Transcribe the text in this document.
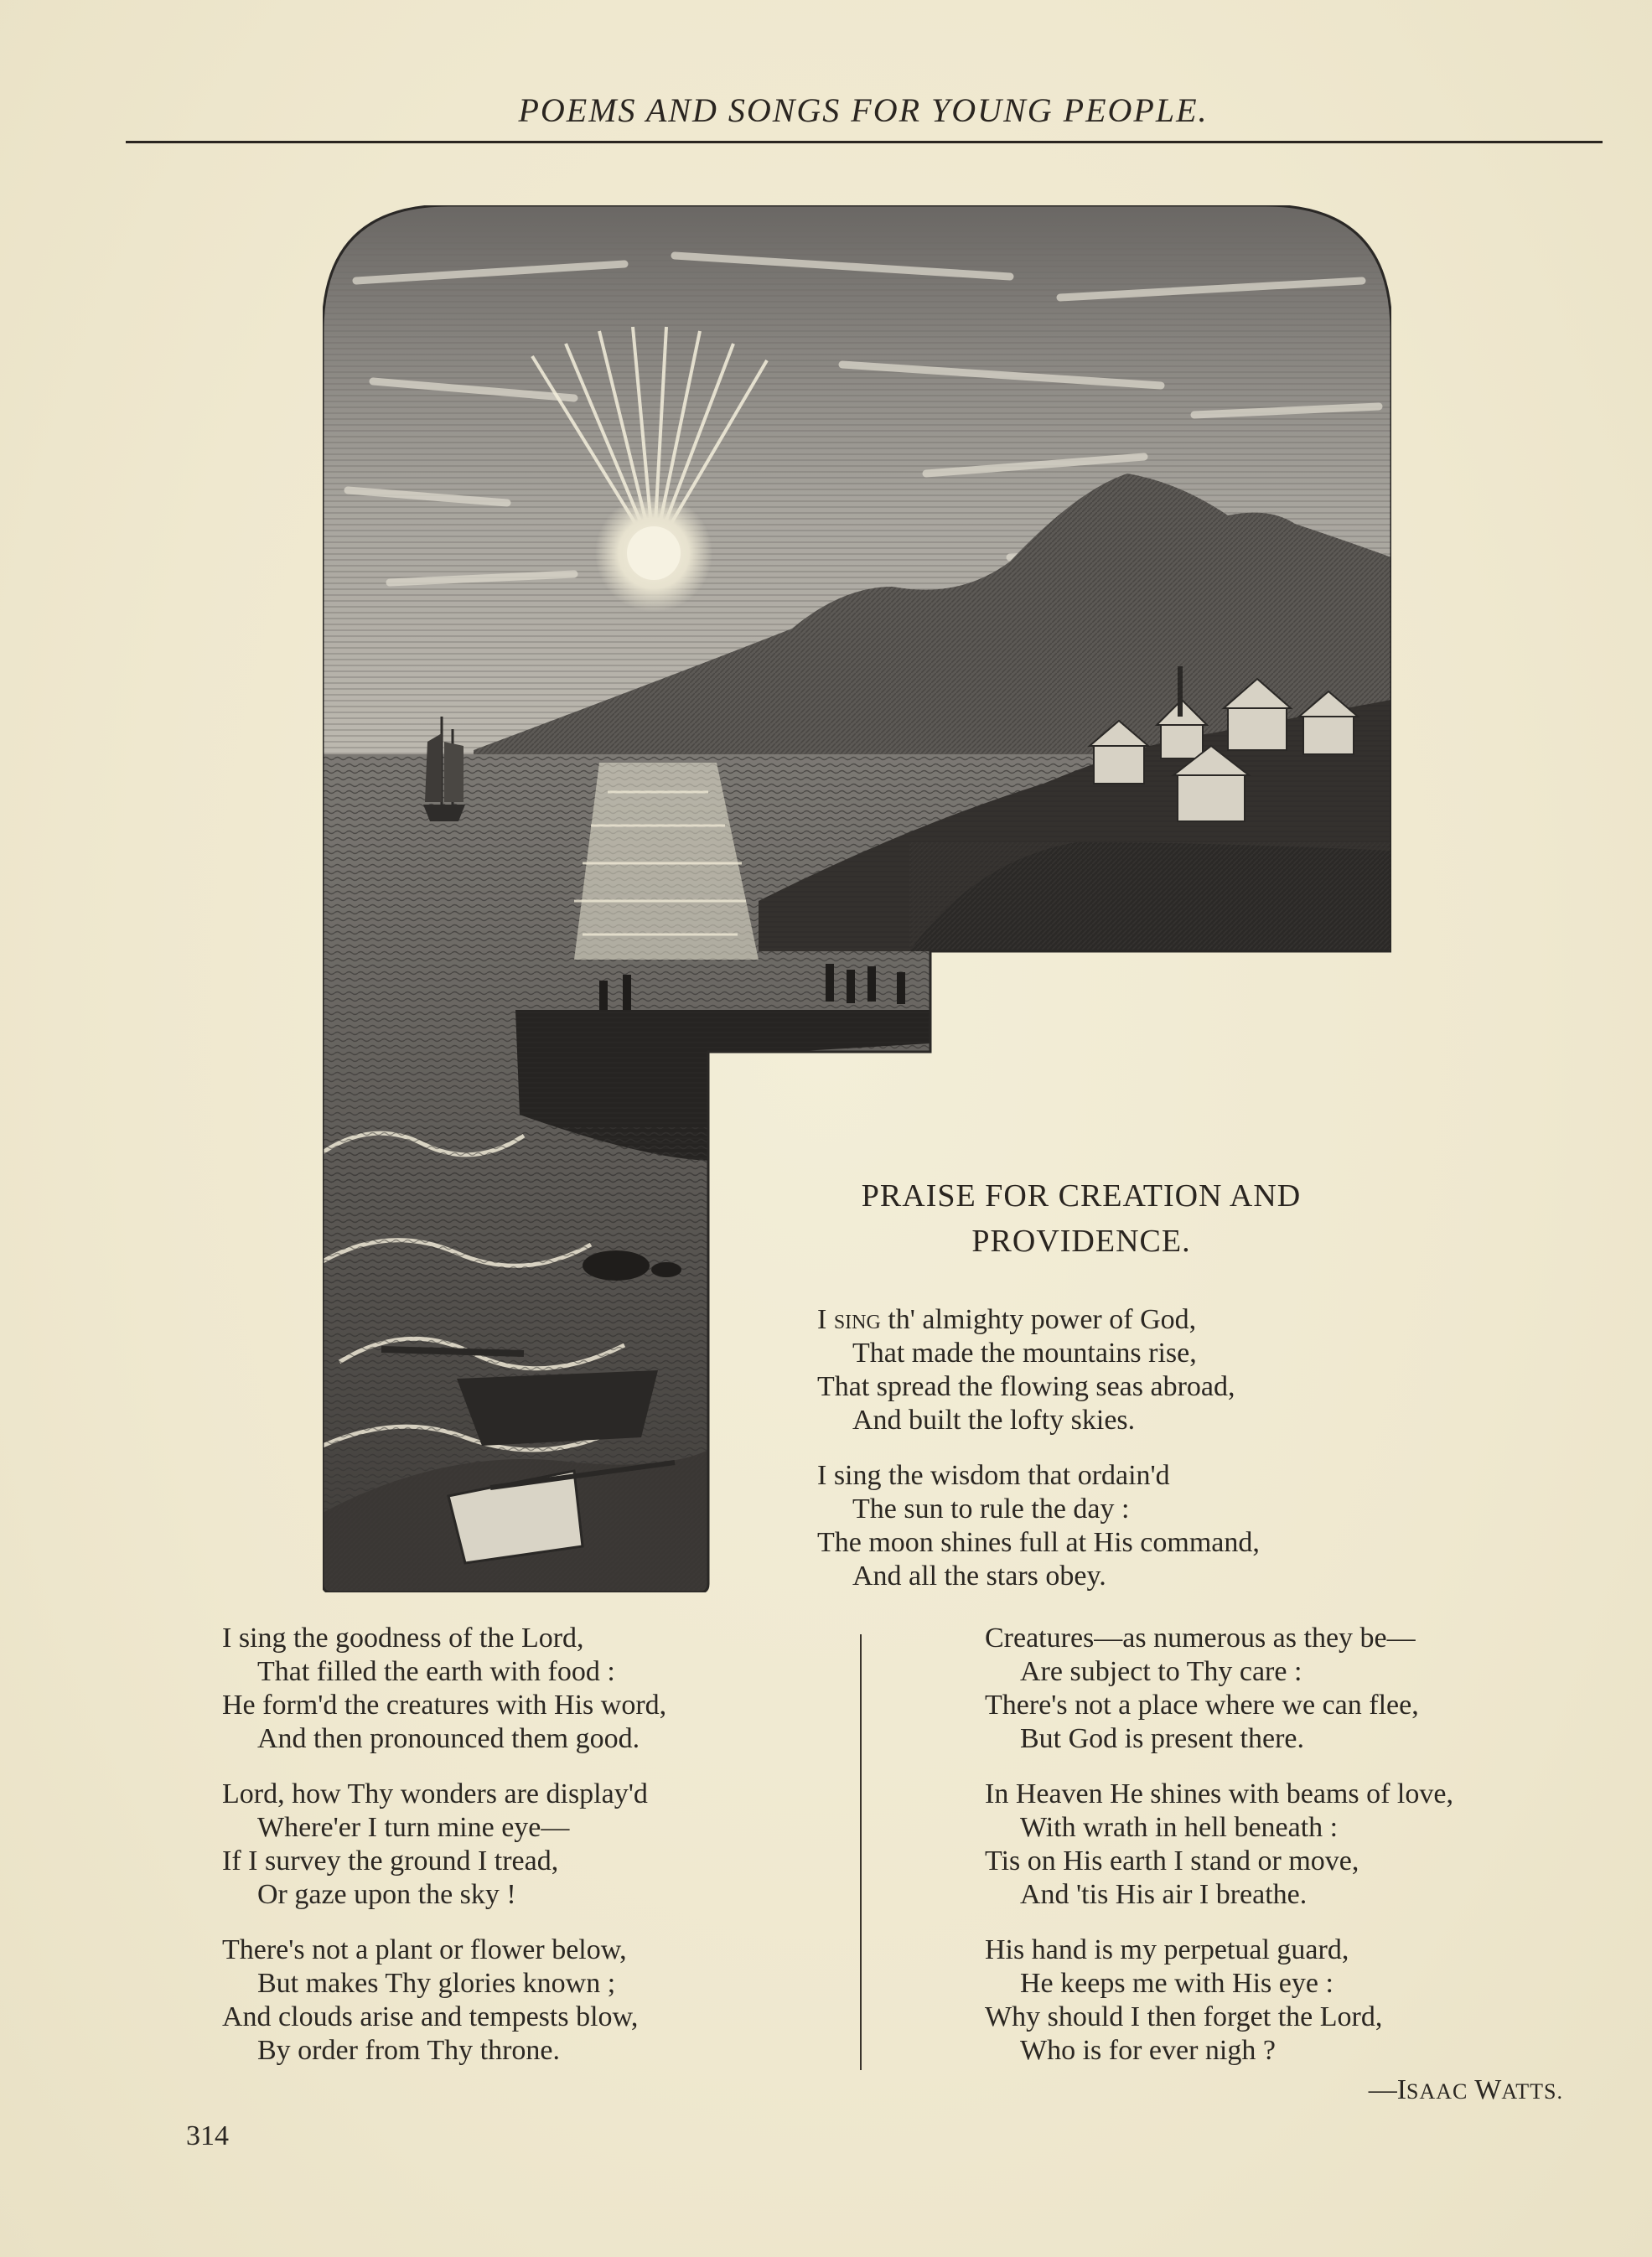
POEMS AND SONGS FOR YOUNG PEOPLE.
PRAISE FOR CREATION AND
PROVIDENCE.
I sing th' almighty power of God,
That made the mountains rise,
That spread the flowing seas abroad,
And built the lofty skies.
I sing the wisdom that ordain'd
The sun to rule the day :
The moon shines full at His command,
And all the stars obey.
I sing the goodness of the Lord,
That filled the earth with food :
He form'd the creatures with His word,
And then pronounced them good.
Lord, how Thy wonders are display'd
Where'er I turn mine eye—
If I survey the ground I tread,
Or gaze upon the sky !
There's not a plant or flower below,
But makes Thy glories known ;
And clouds arise and tempests blow,
By order from Thy throne.
Creatures—as numerous as they be—
Are subject to Thy care :
There's not a place where we can flee,
But God is present there.
In Heaven He shines with beams of love,
With wrath in hell beneath :
Tis on His earth I stand or move,
And 'tis His air I breathe.
His hand is my perpetual guard,
He keeps me with His eye :
Why should I then forget the Lord,
Who is for ever nigh ?
—ISAAC WATTS.
314
